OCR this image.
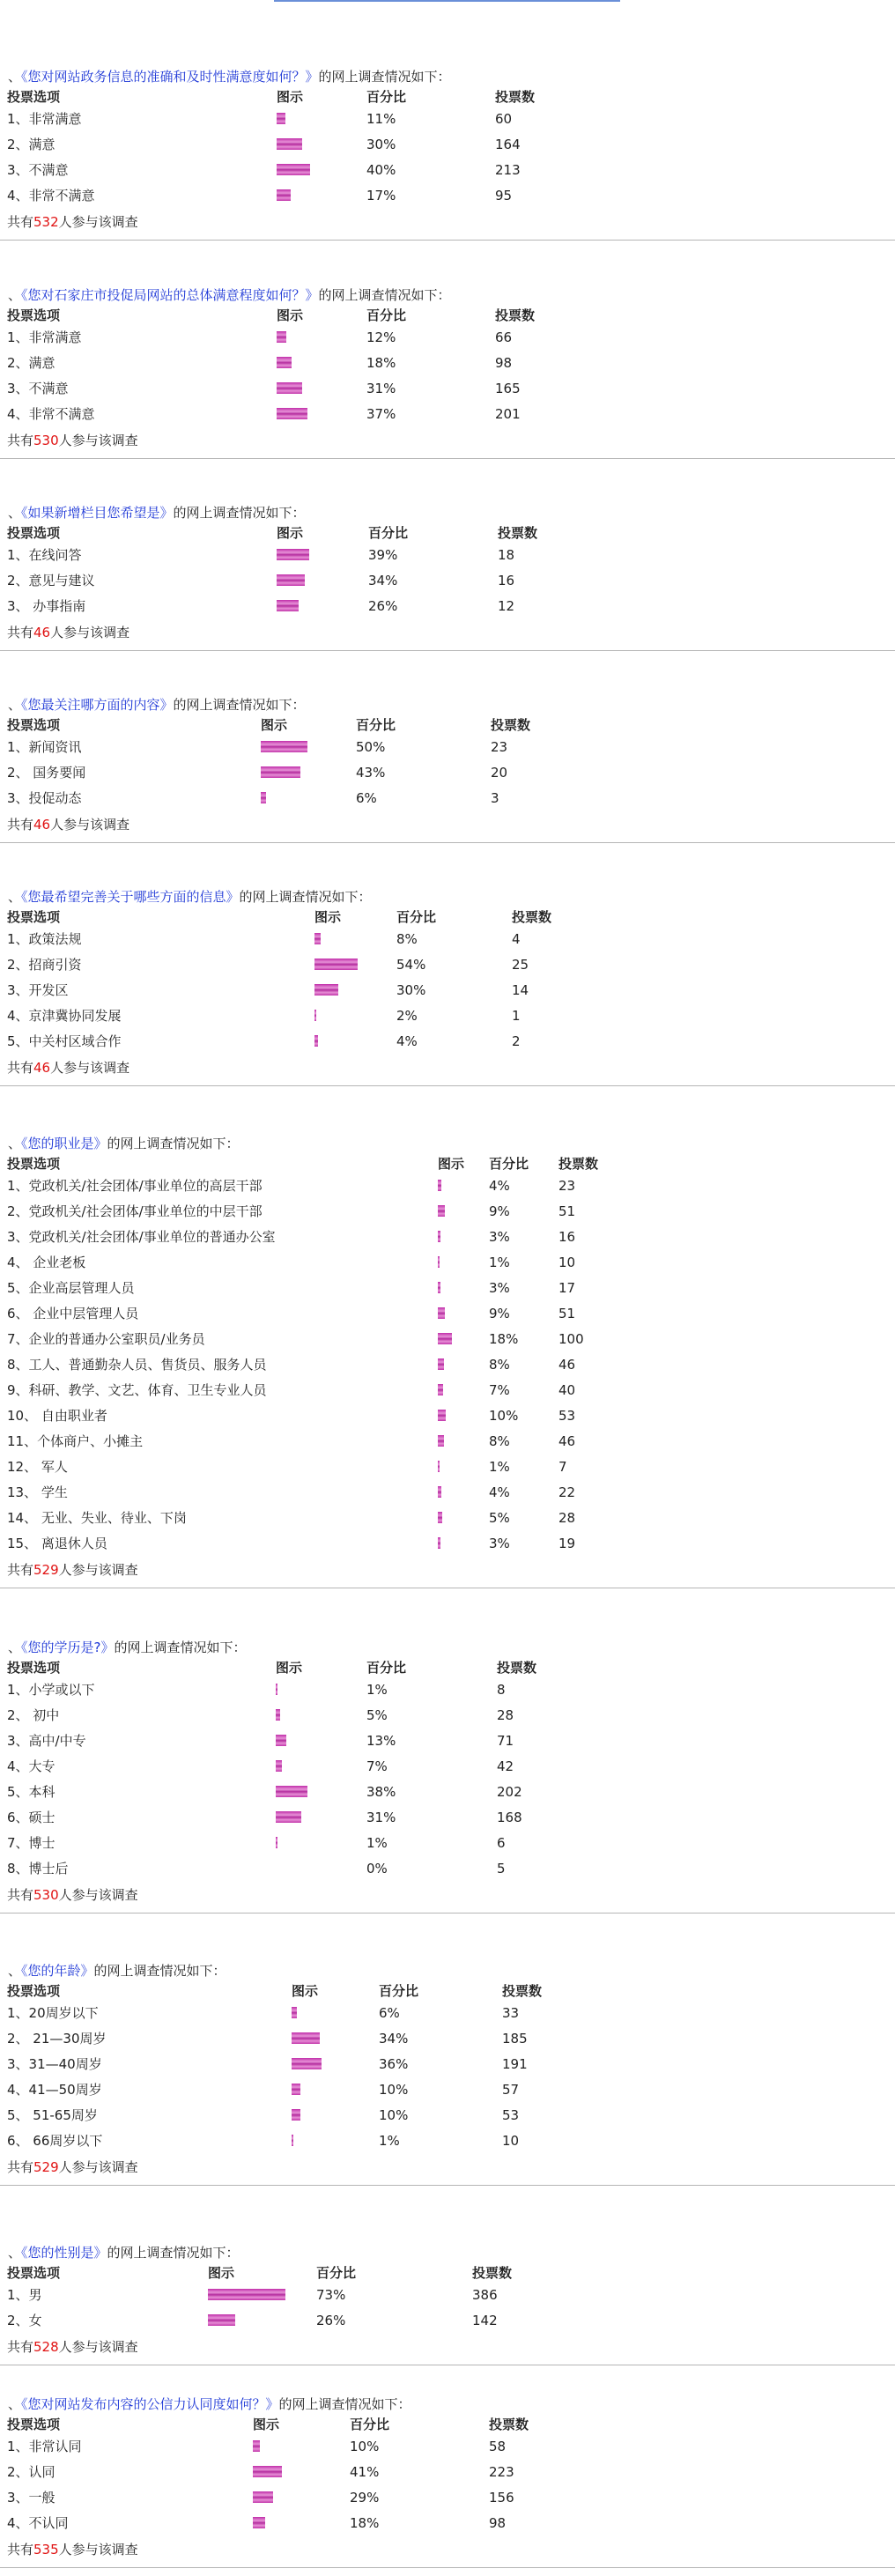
、《您对网站政务信息的准确和及时性满意度如何？》的网上调查情况如下：
投票选项	图示	百分比	投票数
1、非常满意	11%	60
2、满意	30%	164
3、不满意	40%	213
4、非常不满意	17%	95
共有532人参与该调查
、《您对石家庄市投促局网站的总体满意程度如何？》的网上调查情况如下：
投票选项	图示	百分比	投票数
1、非常满意	12%	66
2、满意	18%	98
3、不满意	31%	165
4、非常不满意	37%	201
共有530人参与该调查
、《如果新增栏目您希望是》的网上调查情况如下：
投票选项	图示	百分比	投票数
1、在线问答	39%	18
2、意见与建议	34%	16
3、 办事指南	26%	12
共有46人参与该调查
、《您最关注哪方面的内容》的网上调查情况如下：
投票选项	图示	百分比	投票数
1、新闻资讯	50%	23
2、 国务要闻	43%	20
3、投促动态	6%	3
共有46人参与该调查
、《您最希望完善关于哪些方面的信息》的网上调查情况如下：
投票选项	图示	百分比	投票数
1、政策法规	8%	4
2、招商引资	54%	25
3、开发区	30%	14
4、京津冀协同发展	2%	1
5、中关村区域合作	4%	2
共有46人参与该调查
、《您的职业是》的网上调查情况如下：
投票选项	图示 百分比 投票数
1、党政机关/社会团体/事业单位的高层干部	4%	23
2、党政机关/社会团体/事业单位的中层干部	9%	51
3、党政机关/社会团体/事业单位的普通办公室	3%	16
4、 企业老板	1%	10
5、企业高层管理人员	3%	17
6、 企业中层管理人员	9%	51
7、企业的普通办公室职员/业务员	18%	100
8、工人、普通勤杂人员、售货员、服务人员	8%	46
9、科研、教学、文艺、体育、卫生专业人员	7%	40
10、 自由职业者	10%	53
11、个体商户、小摊主	8%	46
12、 军人	1%	7
13、 学生	4%	22
14、 无业、失业、待业、下岗	5%	28
15、 离退休人员	3%	19
共有529人参与该调查
、《您的学历是?》的网上调查情况如下：
投票选项	图示	百分比	投票数
1、小学或以下	1%	8
2、 初中	5%	28
3、高中/中专	13%	71
4、大专	7%	42
5、本科	38%	202
6、硕士	31%	168
7、博士	1%	6
8、博士后	0%	5
共有530人参与该调查
、《您的年龄》的网上调查情况如下：
投票选项	图示	百分比	投票数
1、20周岁以下	6%	33
2、 21—30周岁	34%	185
3、31—40周岁	36%	191
4、41—50周岁	10%	57
5、 51-65周岁	10%	53
6、 66周岁以下	1%	10
共有529人参与该调查
、《您的性别是》的网上调查情况如下：
投票选项	图示	百分比	投票数
1、男	73%	386
2、女	26%	142
共有528人参与该调查
、《您对网站发布内容的公信力认同度如何？》的网上调查情况如下：
投票选项	图示	百分比	投票数
1、非常认同	10%	58
2、认同	41%	223
3、一般	29%	156
4、不认同	18%	98
共有535人参与该调查
